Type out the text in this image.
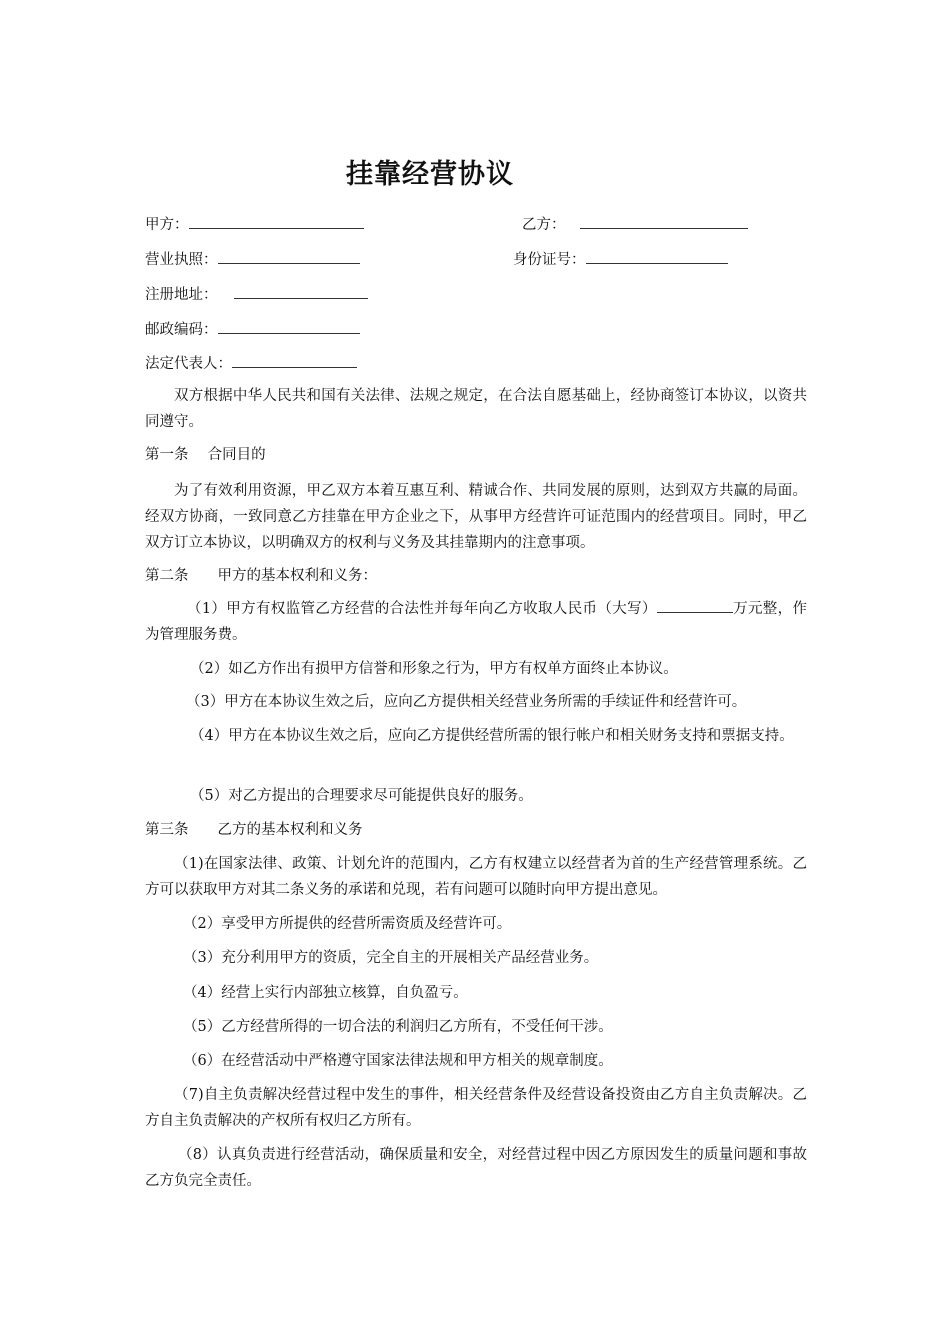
挂靠经营协议
甲方：	乙方：
营业执照：	身份证号：
注册地址：
邮政编码：
法定代表人：
双方根据中华人民共和国有关法律、法规之规定，在合法自愿基础上，经协商签订本协议，以资共同遵守。
第一条　 合同目的
为了有效利用资源，甲乙双方本着互惠互利、精诚合作、共同发展的原则，达到双方共赢的局面。经双方协商，一致同意乙方挂靠在甲方企业之下，从事甲方经营许可证范围内的经营项目。同时，甲乙双方订立本协议，以明确双方的权利与义务及其挂靠期内的注意事项。
第二条　　甲方的基本权利和义务：
（1）甲方有权监管乙方经营的合法性并每年向乙方收取人民币（大写）	万元整，作为管理服务费。
（2）如乙方作出有损甲方信誉和形象之行为，甲方有权单方面终止本协议。
（3）甲方在本协议生效之后，应向乙方提供相关经营业务所需的手续证件和经营许可。
（4）甲方在本协议生效之后，应向乙方提供经营所需的银行帐户和相关财务支持和票据支持。
（5）对乙方提出的合理要求尽可能提供良好的服务。
第三条　　乙方的基本权利和义务
（1)在国家法律、政策、计划允许的范围内，乙方有权建立以经营者为首的生产经营管理系统。乙方可以获取甲方对其二条义务的承诺和兑现，若有问题可以随时向甲方提出意见。
（2）享受甲方所提供的经营所需资质及经营许可。
（3）充分利用甲方的资质，完全自主的开展相关产品经营业务。
（4）经营上实行内部独立核算，自负盈亏。
（5）乙方经营所得的一切合法的利润归乙方所有，不受任何干涉。
（6）在经营活动中严格遵守国家法律法规和甲方相关的规章制度。
（7)自主负责解决经营过程中发生的事件，相关经营条件及经营设备投资由乙方自主负责解决。乙方自主负责解决的产权所有权归乙方所有。
（8）认真负责进行经营活动，确保质量和安全，对经营过程中因乙方原因发生的质量问题和事故乙方负完全责任。
